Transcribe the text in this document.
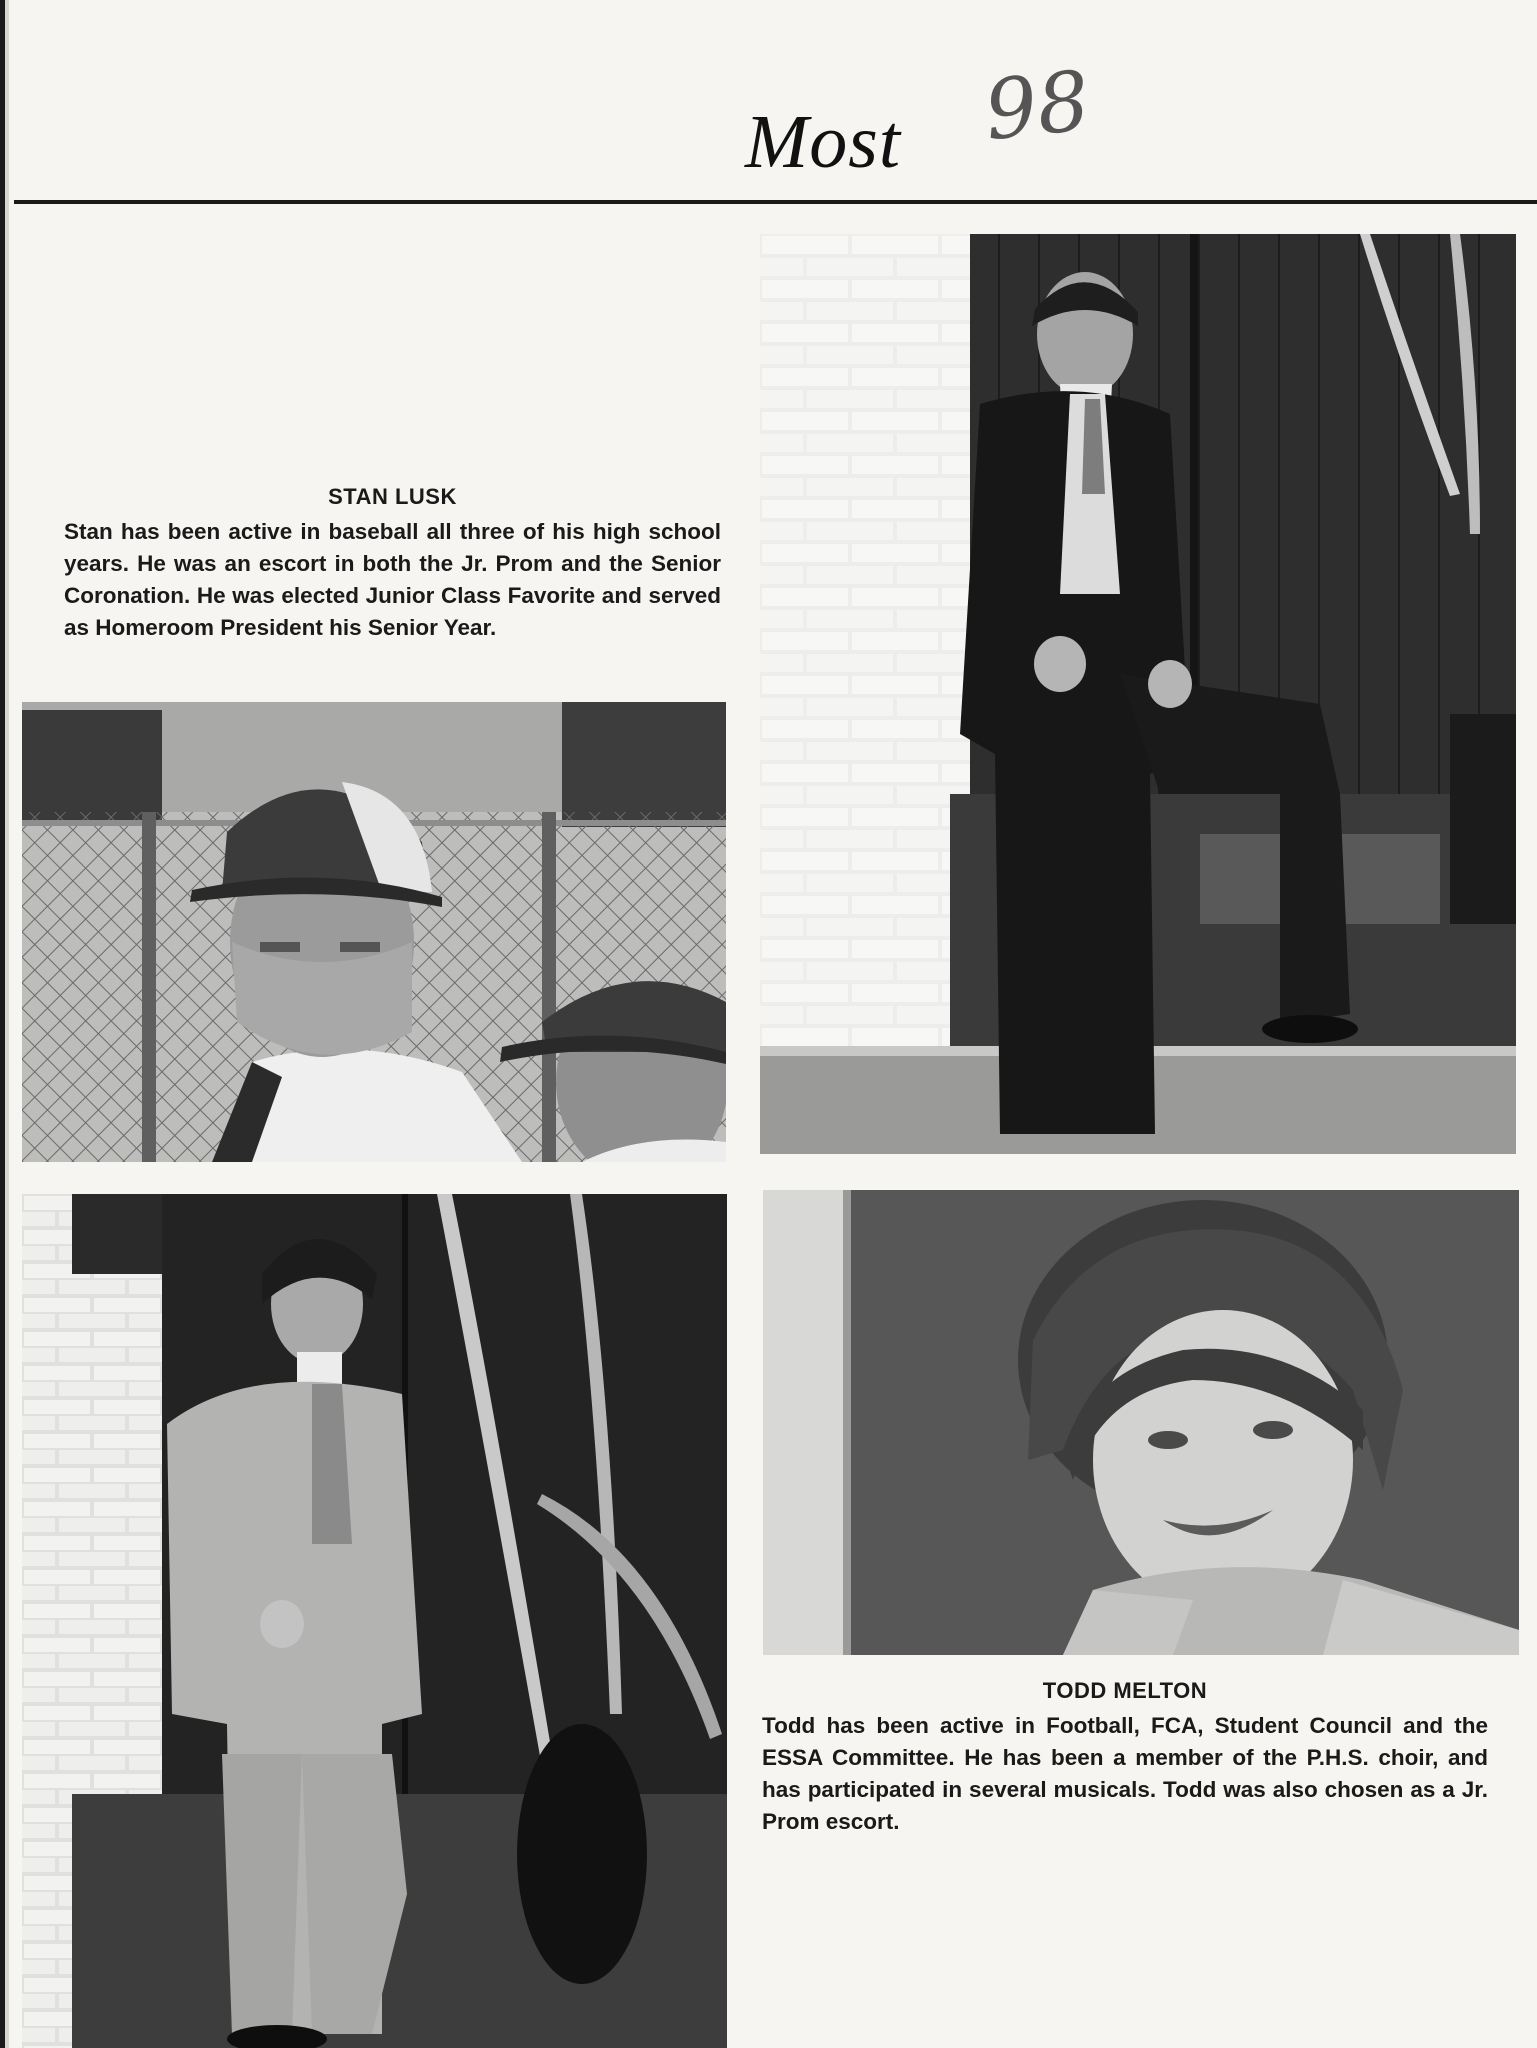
Most 98
STAN LUSK

Stan has been active in baseball all three of his high school years. He was an escort in both the Jr. Prom and the Senior Coronation. He was elected Junior Class Favorite and served as Homeroom President his Senior Year.

TODD MELTON

Todd has been active in Football, FCA, Student Council and the ESSA Committee. He has been a member of the P.H.S. choir, and has participated in several musicals. Todd was also chosen as a Jr. Prom escort.
